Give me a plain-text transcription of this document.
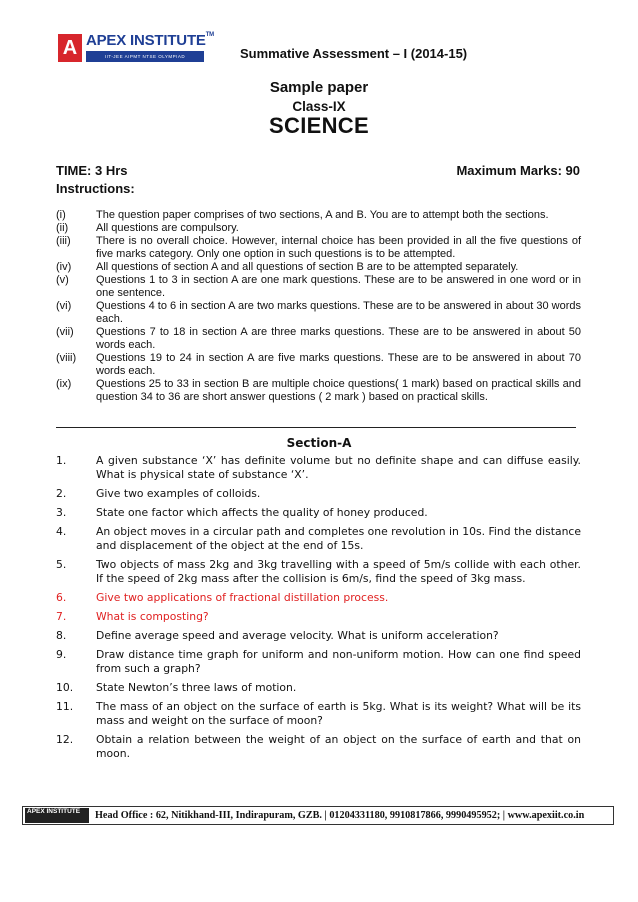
A APEX INSTITUTE™
IIT-JEE AIPMT NTSE OLYMPIAD	Summative Assessment – I (2014-15)
Sample paper
Class-IX
SCIENCE
TIME: 3 Hrs	Maximum Marks: 90
Instructions:
(i)	The question paper comprises of two sections, A and B. You are to attempt both the sections.
(ii)	All questions are compulsory.
(iii)	There is no overall choice. However, internal choice has been provided in all the five questions of five marks category. Only one option in such questions is to be attempted.
(iv)	All questions of section A and all questions of section B are to be attempted separately.
(v)	Questions 1 to 3 in section A are one mark questions. These are to be answered in one word or in one sentence.
(vi)	Questions 4 to 6 in section A are two marks questions. These are to be answered in about 30 words each.
(vii)	Questions 7 to 18 in section A are three marks questions. These are to be answered in about 50 words each.
(viii)	Questions 19 to 24 in section A are five marks questions. These are to be answered in about 70 words each.
(ix)	Questions 25 to 33 in section B are multiple choice questions( 1 mark) based on practical skills and question 34 to 36 are short answer questions ( 2 mark ) based on practical skills.
Section-A
1.	A given substance ‘X’ has definite volume but no definite shape and can diffuse easily. What is physical state of substance ‘X’.
2.	Give two examples of colloids.
3.	State one factor which affects the quality of honey produced.
4.	An object moves in a circular path and completes one revolution in 10s. Find the distance and displacement of the object at the end of 15s.
5.	Two objects of mass 2kg and 3kg travelling with a speed of 5m/s collide with each other. If the speed of 2kg mass after the collision is 6m/s, find the speed of 3kg mass.
6.	Give two applications of fractional distillation process.
7.	What is composting?
8.	Define average speed and average velocity. What is uniform acceleration?
9.	Draw distance time graph for uniform and non-uniform motion. How can one find speed from such a graph?
10.	State Newton’s three laws of motion.
11.	The mass of an object on the surface of earth is 5kg. What is its weight? What will be its mass and weight on the surface of moon?
12.	Obtain a relation between the weight of an object on the surface of earth and that on moon.
APEX INSTITUTE	Head Office : 62, Nitikhand-III, Indirapuram, GZB. | 01204331180, 9910817866, 9990495952; | www.apexiit.co.in
